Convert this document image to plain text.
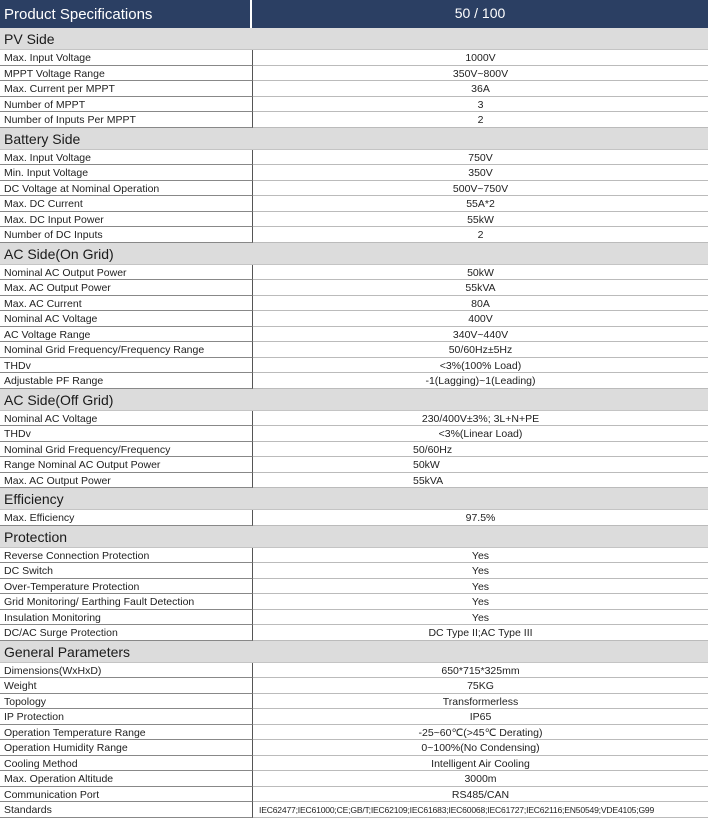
Product Specifications	50 / 100
PV Side
Max. Input Voltage	1000V
MPPT Voltage Range	350V~800V
Max. Current per MPPT	36A
Number of MPPT	3
Number of Inputs Per MPPT	2
Battery Side
Max. Input Voltage	750V
Min. Input Voltage	350V
DC Voltage at Nominal Operation	500V~750V
Max. DC Current	55A*2
Max. DC Input Power	55kW
Number of DC Inputs	2
AC Side(On Grid)
Nominal AC Output Power	50kW
Max. AC Output Power	55kVA
Max. AC Current	80A
Nominal AC Voltage	400V
AC Voltage Range	340V~440V
Nominal Grid Frequency/Frequency Range	50/60Hz±5Hz
THDv	<3%(100% Load)
Adjustable PF Range	-1(Lagging)~1(Leading)
AC Side(Off Grid)
Nominal AC Voltage	230/400V±3%; 3L+N+PE
THDv	<3%(Linear Load)
Nominal Grid Frequency/Frequency	50/60Hz
Range Nominal AC Output Power	50kW
Max. AC Output Power	55kVA
Efficiency
Max. Efficiency	97.5%
Protection
Reverse Connection Protection	Yes
DC Switch	Yes
Over-Temperature Protection	Yes
Grid Monitoring/ Earthing Fault Detection	Yes
Insulation Monitoring	Yes
DC/AC Surge Protection	DC Type II;AC Type III
General Parameters
Dimensions(WxHxD)	650*715*325mm
Weight	75KG
Topology	Transformerless
IP Protection	IP65
Operation Temperature Range	-25~60℃(>45℃ Derating)
Operation Humidity Range	0~100%(No Condensing)
Cooling Method	Intelligent Air Cooling
Max. Operation Altitude	3000m
Communication Port	RS485/CAN
Standards	IEC62477;IEC61000;CE;GB/T;IEC62109;IEC61683;IEC60068;IEC61727;IEC62116;EN50549;VDE4105;G99
